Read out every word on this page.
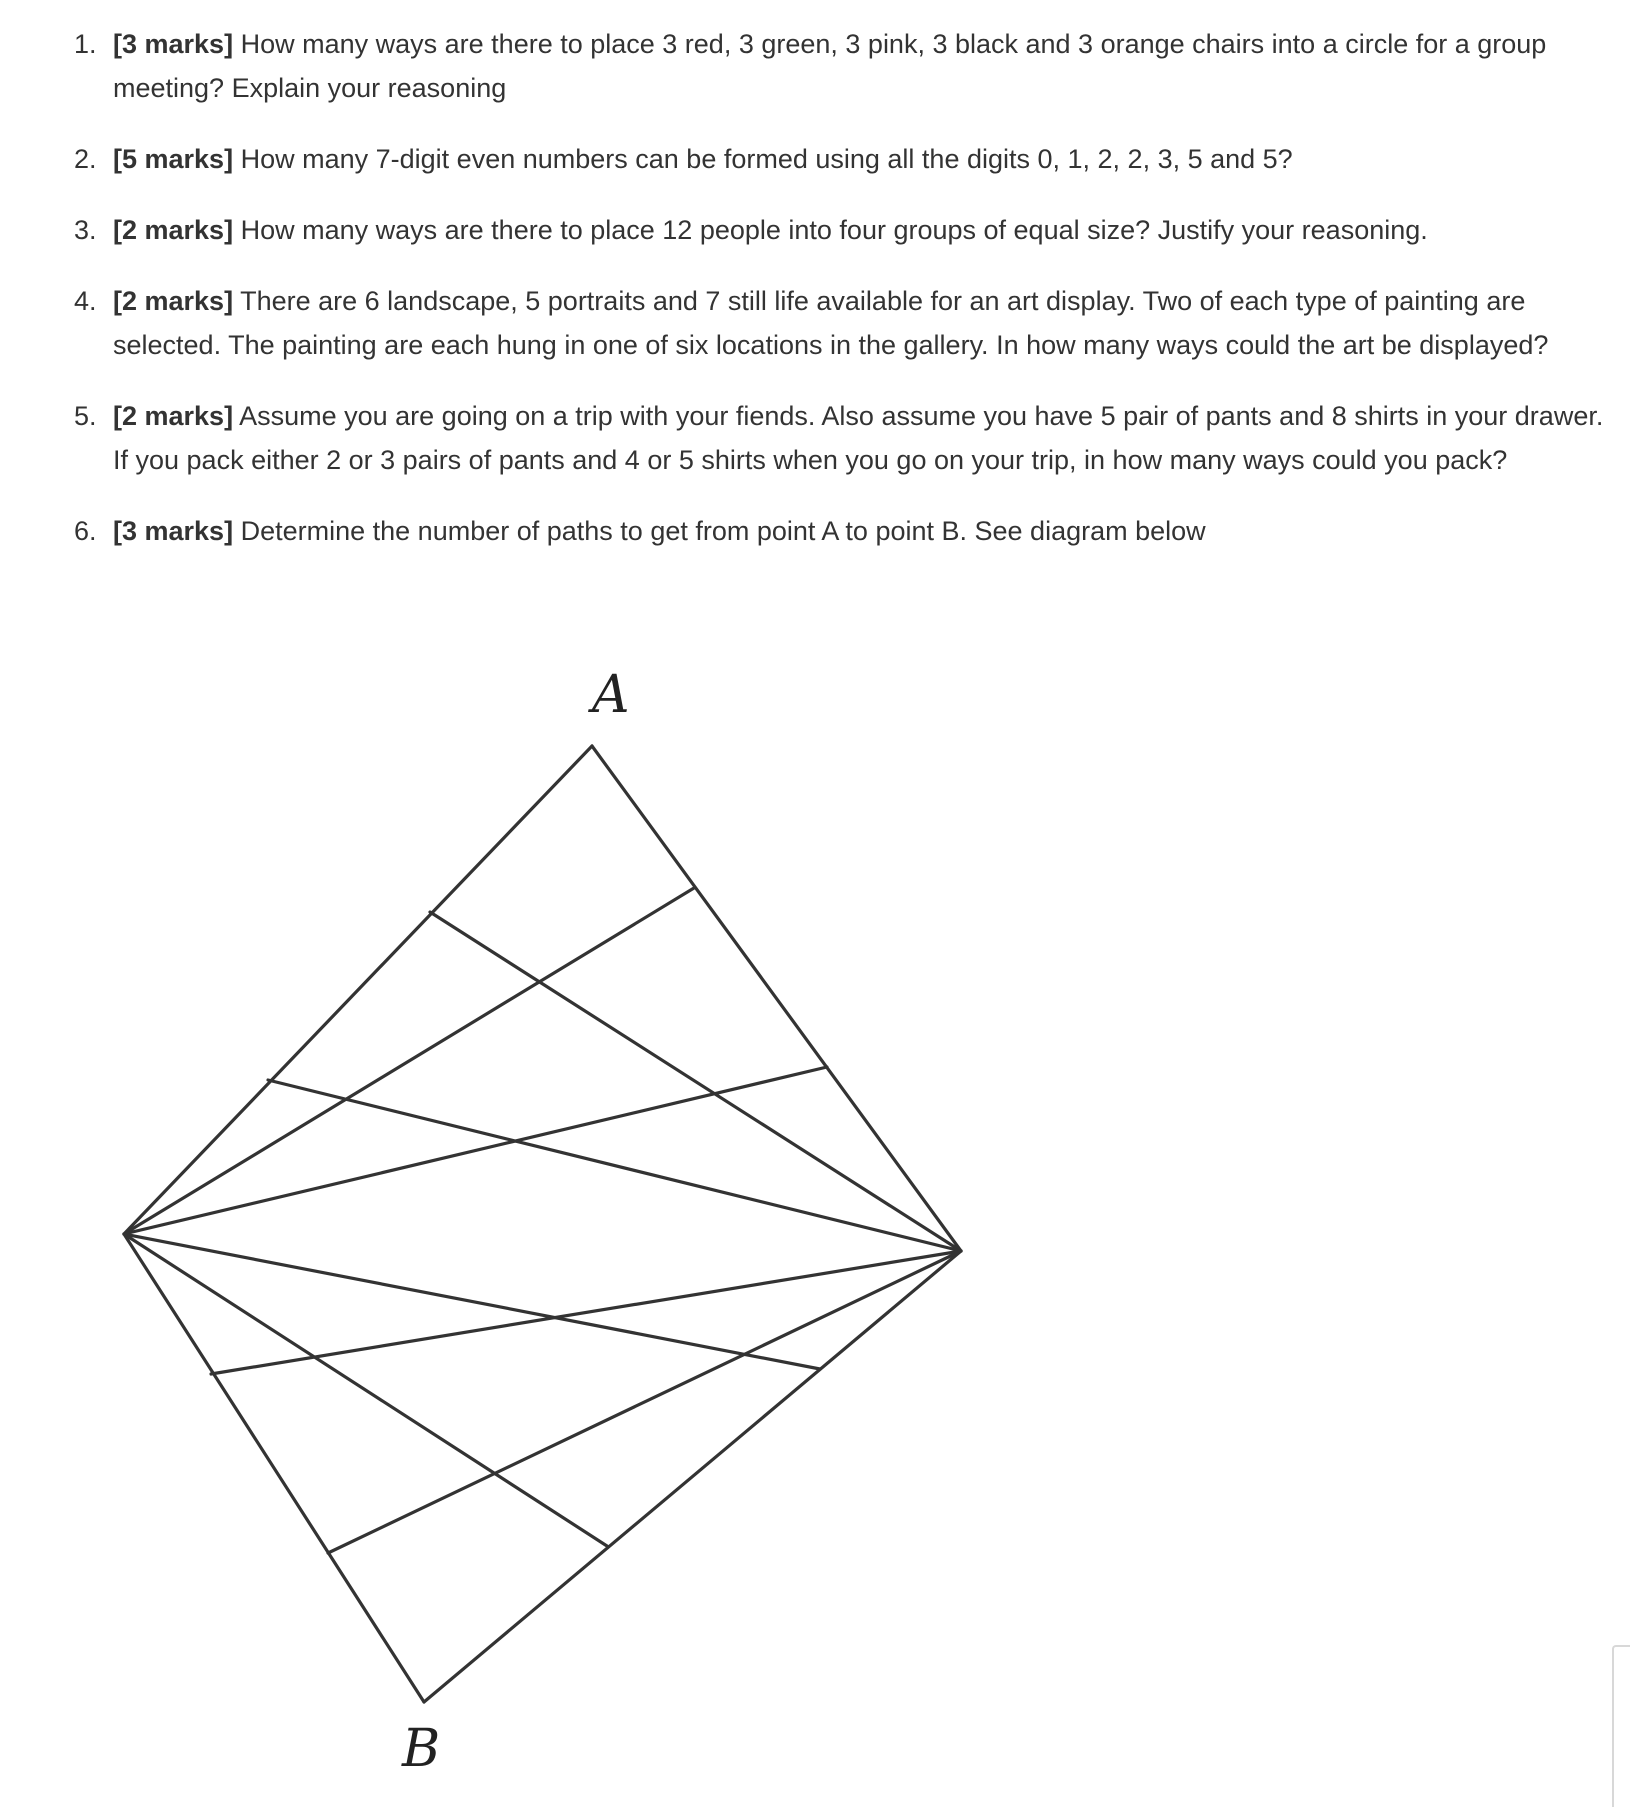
1. [3 marks] How many ways are there to place 3 red, 3 green, 3 pink, 3 black and 3 orange chairs into a circle for a group meeting? Explain your reasoning
2. [5 marks] How many 7-digit even numbers can be formed using all the digits 0, 1, 2, 2, 3, 5 and 5?
3. [2 marks] How many ways are there to place 12 people into four groups of equal size? Justify your reasoning.
4. [2 marks] There are 6 landscape, 5 portraits and 7 still life available for an art display. Two of each type of painting are selected. The painting are each hung in one of six locations in the gallery. In how many ways could the art be displayed?
5. [2 marks] Assume you are going on a trip with your fiends. Also assume you have 5 pair of pants and 8 shirts in your drawer. If you pack either 2 or 3 pairs of pants and 4 or 5 shirts when you go on your trip, in how many ways could you pack?
6. [3 marks] Determine the number of paths to get from point A to point B. See diagram below
A
B
